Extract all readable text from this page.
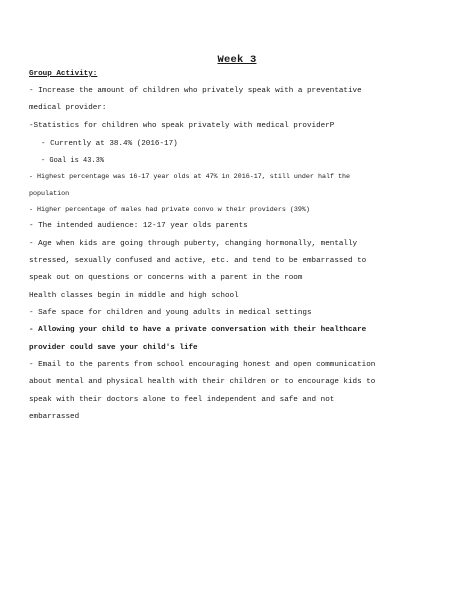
Week 3
Group Activity:
- Increase the amount of children who privately speak with a preventative
medical provider:
-Statistics for children who speak privately with medical providerP
- Currently at 38.4% (2016-17)
- Goal is 43.3%
- Highest percentage was 16-17 year olds at 47% in 2016-17, still under half the
population
- Higher percentage of males had private convo w their providers (39%)
- The intended audience: 12-17 year olds parents
- Age when kids are going through puberty, changing hormonally, mentally
stressed, sexually confused and active, etc. and tend to be embarrassed to
speak out on questions or concerns with a parent in the room
Health classes begin in middle and high school
- Safe space for children and young adults in medical settings
- Allowing your child to have a private conversation with their healthcare
provider could save your child's life
- Email to the parents from school encouraging honest and open communication
about mental and physical health with their children or to encourage kids to
speak with their doctors alone to feel independent and safe and not
embarrassed
